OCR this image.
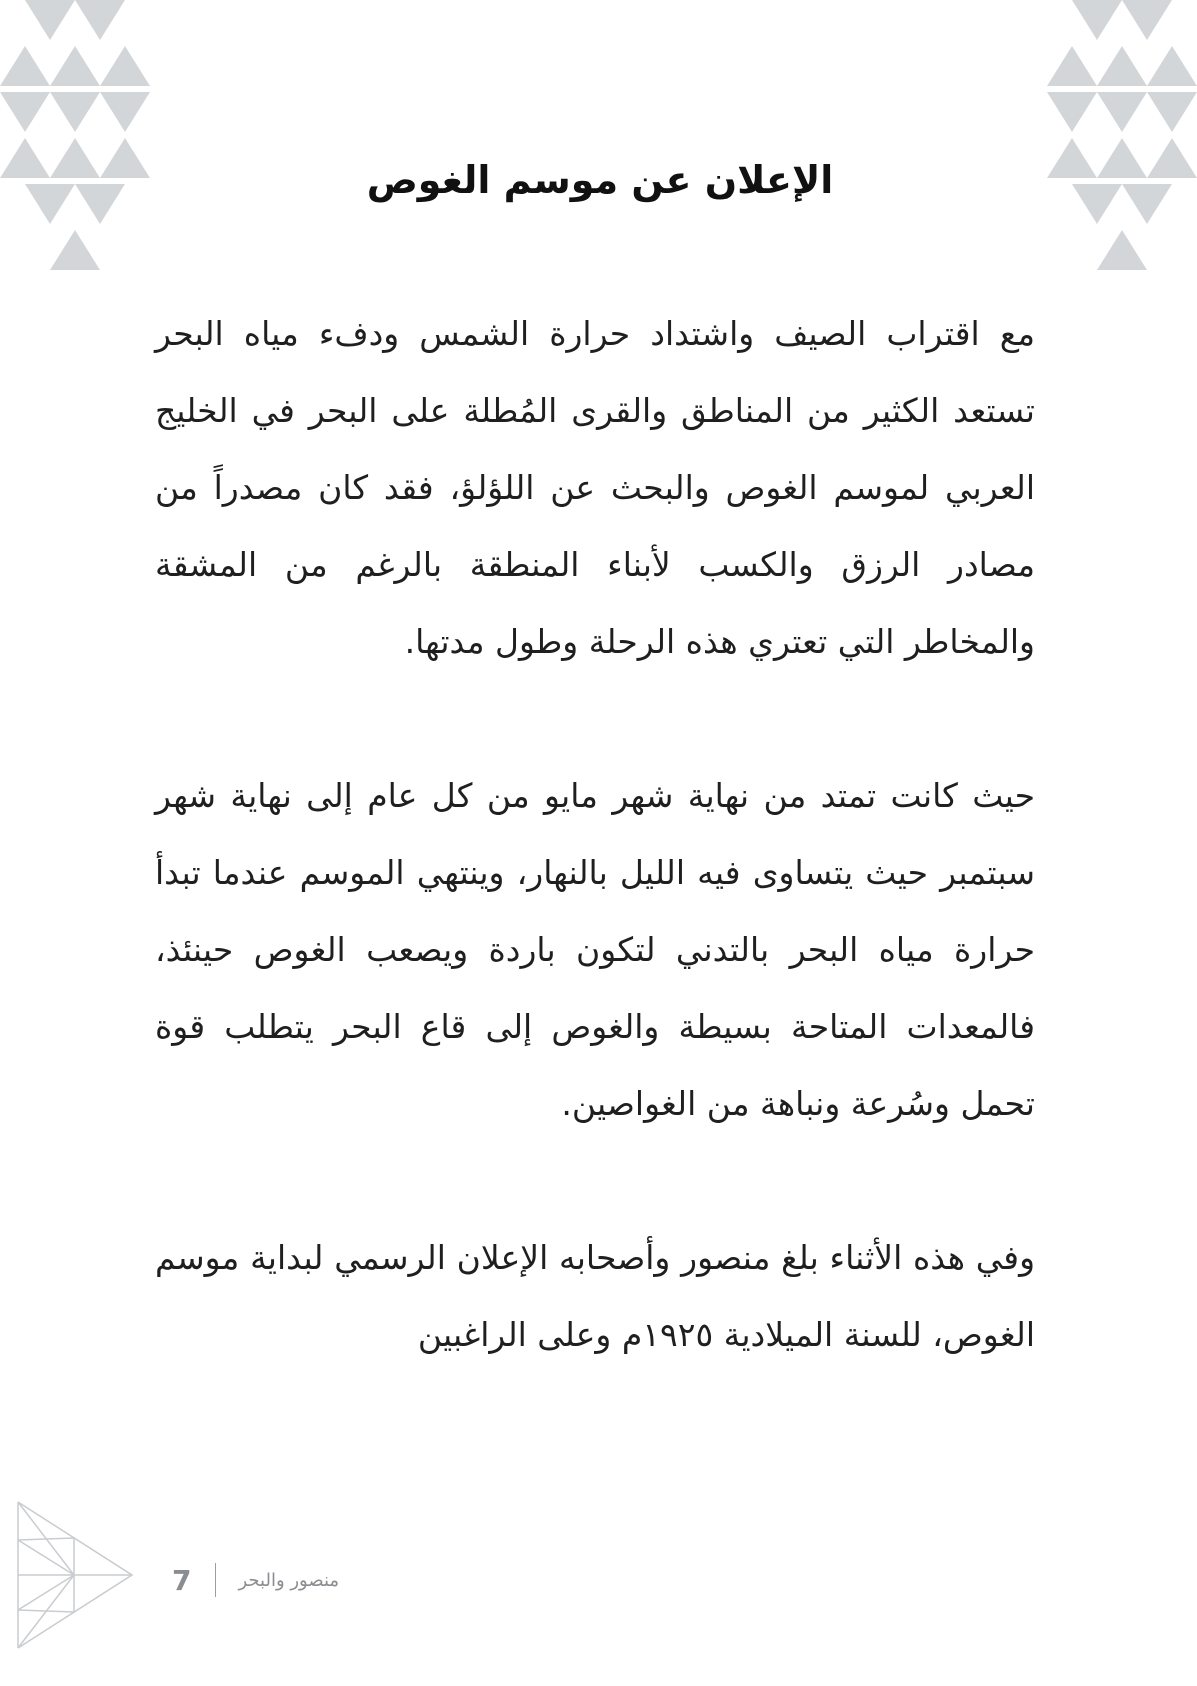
الإعلان عن موسم الغوص

مع اقتراب الصيف واشتداد حرارة الشمس ودفء مياه البحر تستعد الكثير من المناطق والقرى المُطلة على البحر في الخليج العربي لموسم الغوص والبحث عن اللؤلؤ، فقد كان مصدراً من مصادر الرزق والكسب لأبناء المنطقة بالرغم من المشقة والمخاطر التي تعتري هذه الرحلة وطول مدتها.

حيث كانت تمتد من نهاية شهر مايو من كل عام إلى نهاية شهر سبتمبر حيث يتساوى فيه الليل بالنهار، وينتهي الموسم عندما تبدأ حرارة مياه البحر بالتدني لتكون باردة ويصعب الغوص حينئذ، فالمعدات المتاحة بسيطة والغوص إلى قاع البحر يتطلب قوة تحمل وسُرعة ونباهة من الغواصين.

وفي هذه الأثناء بلغ منصور وأصحابه الإعلان الرسمي لبداية موسم الغوص، للسنة الميلادية ١٩٢٥م وعلى الراغبين

7	منصور والبحر
